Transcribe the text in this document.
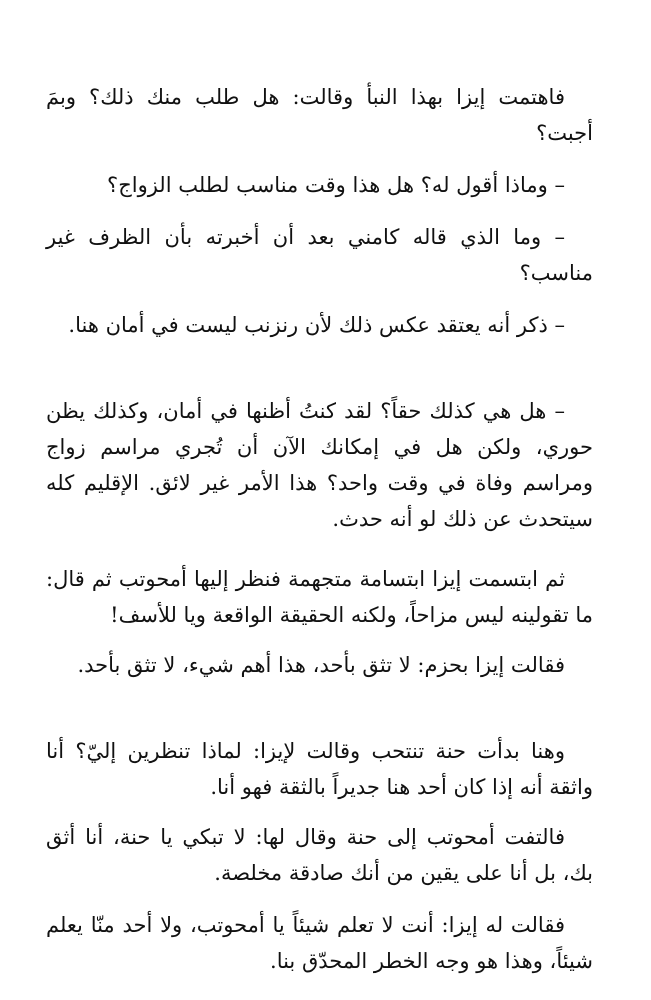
فاهتمت إيزا بهذا النبأ وقالت: هل طلب منك ذلك؟ وبمَ أجبت؟

– وماذا أقول له؟ هل هذا وقت مناسب لطلب الزواج؟

– وما الذي قاله كامني بعد أن أخبرته بأن الظرف غير مناسب؟

– ذكر أنه يعتقد عكس ذلك لأن رنزنب ليست في أمان هنا.

– هل هي كذلك حقاً؟ لقد كنتُ أظنها في أمان، وكذلك يظن حوري، ولكن هل في إمكانك الآن أن تُجري مراسم زواج ومراسم وفاة في وقت واحد؟ هذا الأمر غير لائق. الإقليم كله سيتحدث عن ذلك لو أنه حدث.

ثم ابتسمت إيزا ابتسامة متجهمة فنظر إليها أمحوتب ثم قال: ما تقولينه ليس مزاحاً، ولكنه الحقيقة الواقعة ويا للأسف!

فقالت إيزا بحزم: لا تثق بأحد، هذا أهم شيء، لا تثق بأحد.

وهنا بدأت حنة تنتحب وقالت لإيزا: لماذا تنظرين إليّ؟ أنا واثقة أنه إذا كان أحد هنا جديراً بالثقة فهو أنا.

فالتفت أمحوتب إلى حنة وقال لها: لا تبكي يا حنة، أنا أثق بك، بل أنا على يقين من أنك صادقة مخلصة.

فقالت له إيزا: أنت لا تعلم شيئاً يا أمحوتب، ولا أحد منّا يعلم شيئاً، وهذا هو وجه الخطر المحدّق بنا.
